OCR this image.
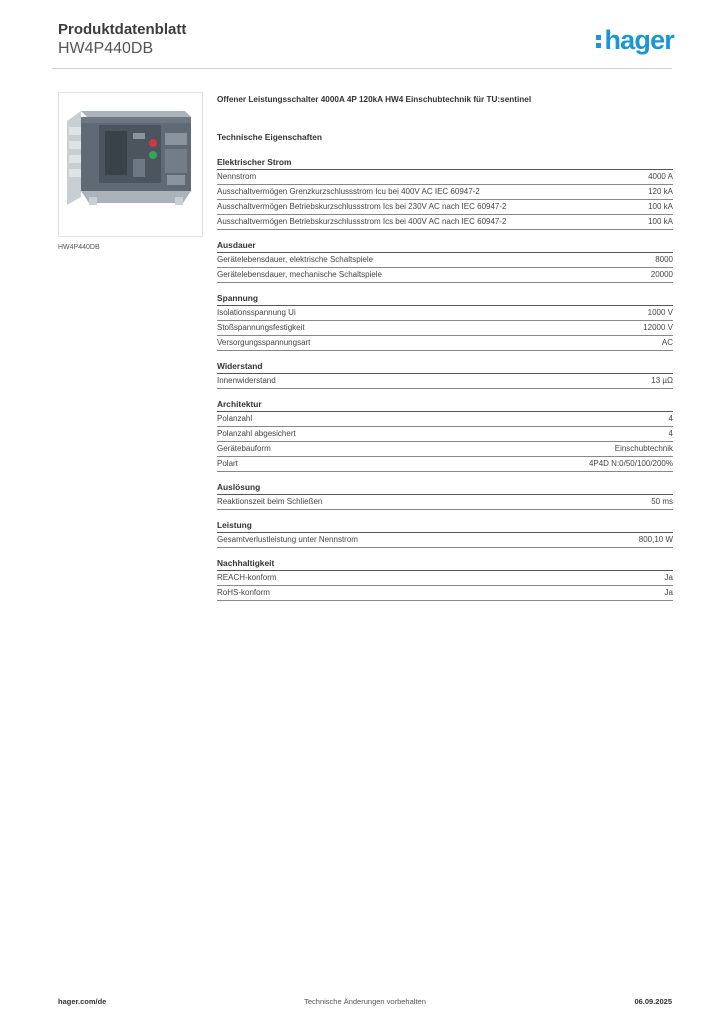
Produktdatenblatt
HW4P440DB	hager
HW4P440DB
Offener Leistungsschalter 4000A 4P 120kA HW4 Einschubtechnik für TU:sentinel
Technische Eigenschaften
Elektrischer Strom
Nennstrom	4000 A
Ausschaltvermögen Grenzkurzschlussstrom Icu bei 400V AC IEC 60947-2	120 kA
Ausschaltvermögen Betriebskurzschlussstrom Ics bei 230V AC nach IEC 60947-2	100 kA
Ausschaltvermögen Betriebskurzschlussstrom Ics bei 400V AC nach IEC 60947-2	100 kA
Ausdauer
Gerätelebensdauer, elektrische Schaltspiele	8000
Gerätelebensdauer, mechanische Schaltspiele	20000
Spannung
Isolationsspannung Ui	1000 V
Stoßspannungsfestigkeit	12000 V
Versorgungsspannungsart	AC
Widerstand
Innenwiderstand	13 µΩ
Architektur
Polanzahl	4
Polanzahl abgesichert	4
Gerätebauform	Einschubtechnik
Polart	4P4D N:0/50/100/200%
Auslösung
Reaktionszeit beim Schließen	50 ms
Leistung
Gesamtverlustleistung unter Nennstrom	800,10 W
Nachhaltigkeit
REACH-konform	Ja
RoHS-konform	Ja
hager.com/de	Technische Änderungen vorbehalten	06.09.2025
